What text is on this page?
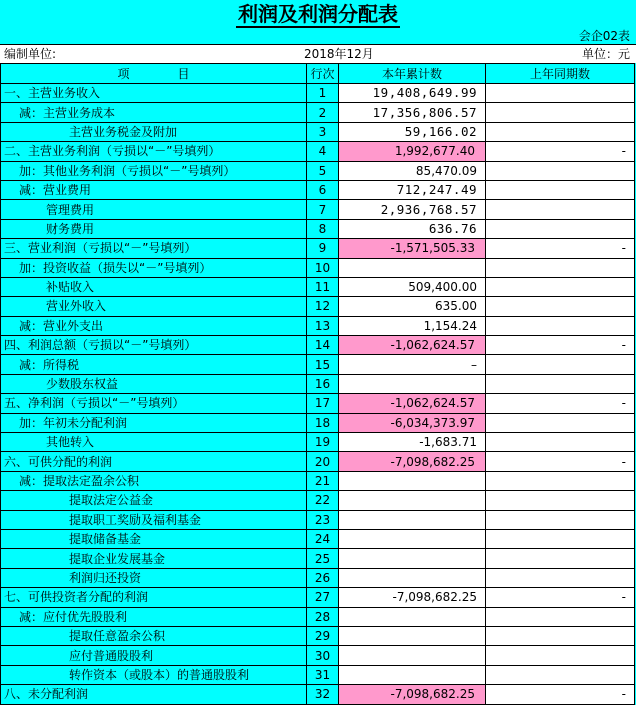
利润及利润分配表
会企02表
编制单位:	2018年12月	单位：元
项　　　　目	行次	本年累计数	上年同期数
一、主营业务收入	1	19,408,649.99	
减：主营业务成本	2	17,356,806.57	
主营业务税金及附加	3	59,166.02	
二、主营业务利润（亏损以“－”号填列）	4	1,992,677.40	-
加：其他业务利润（亏损以“－”号填列）	5	85,470.09	
减：营业费用	6	712,247.49	
管理费用	7	2,936,768.57	
财务费用	8	636.76	
三、营业利润（亏损以“－”号填列）	9	-1,571,505.33	-
加：投资收益（损失以“－”号填列）	10		
补贴收入	11	509,400.00	
营业外收入	12	635.00	
减：营业外支出	13	1,154.24	
四、利润总额（亏损以“－”号填列）	14	-1,062,624.57	-
减：所得税	15	–	
少数股东权益	16		
五、净利润（亏损以“－”号填列）	17	-1,062,624.57	-
加：年初未分配利润	18	-6,034,373.97	
其他转入	19	-1,683.71	
六、可供分配的利润	20	-7,098,682.25	-
减：提取法定盈余公积	21		
提取法定公益金	22		
提取职工奖励及福利基金	23		
提取储备基金	24		
提取企业发展基金	25		
利润归还投资	26		
七、可供投资者分配的利润	27	-7,098,682.25	-
减：应付优先股股利	28		
提取任意盈余公积	29		
应付普通股股利	30		
转作资本（或股本）的普通股股利	31		
八、未分配利润	32	-7,098,682.25	-
